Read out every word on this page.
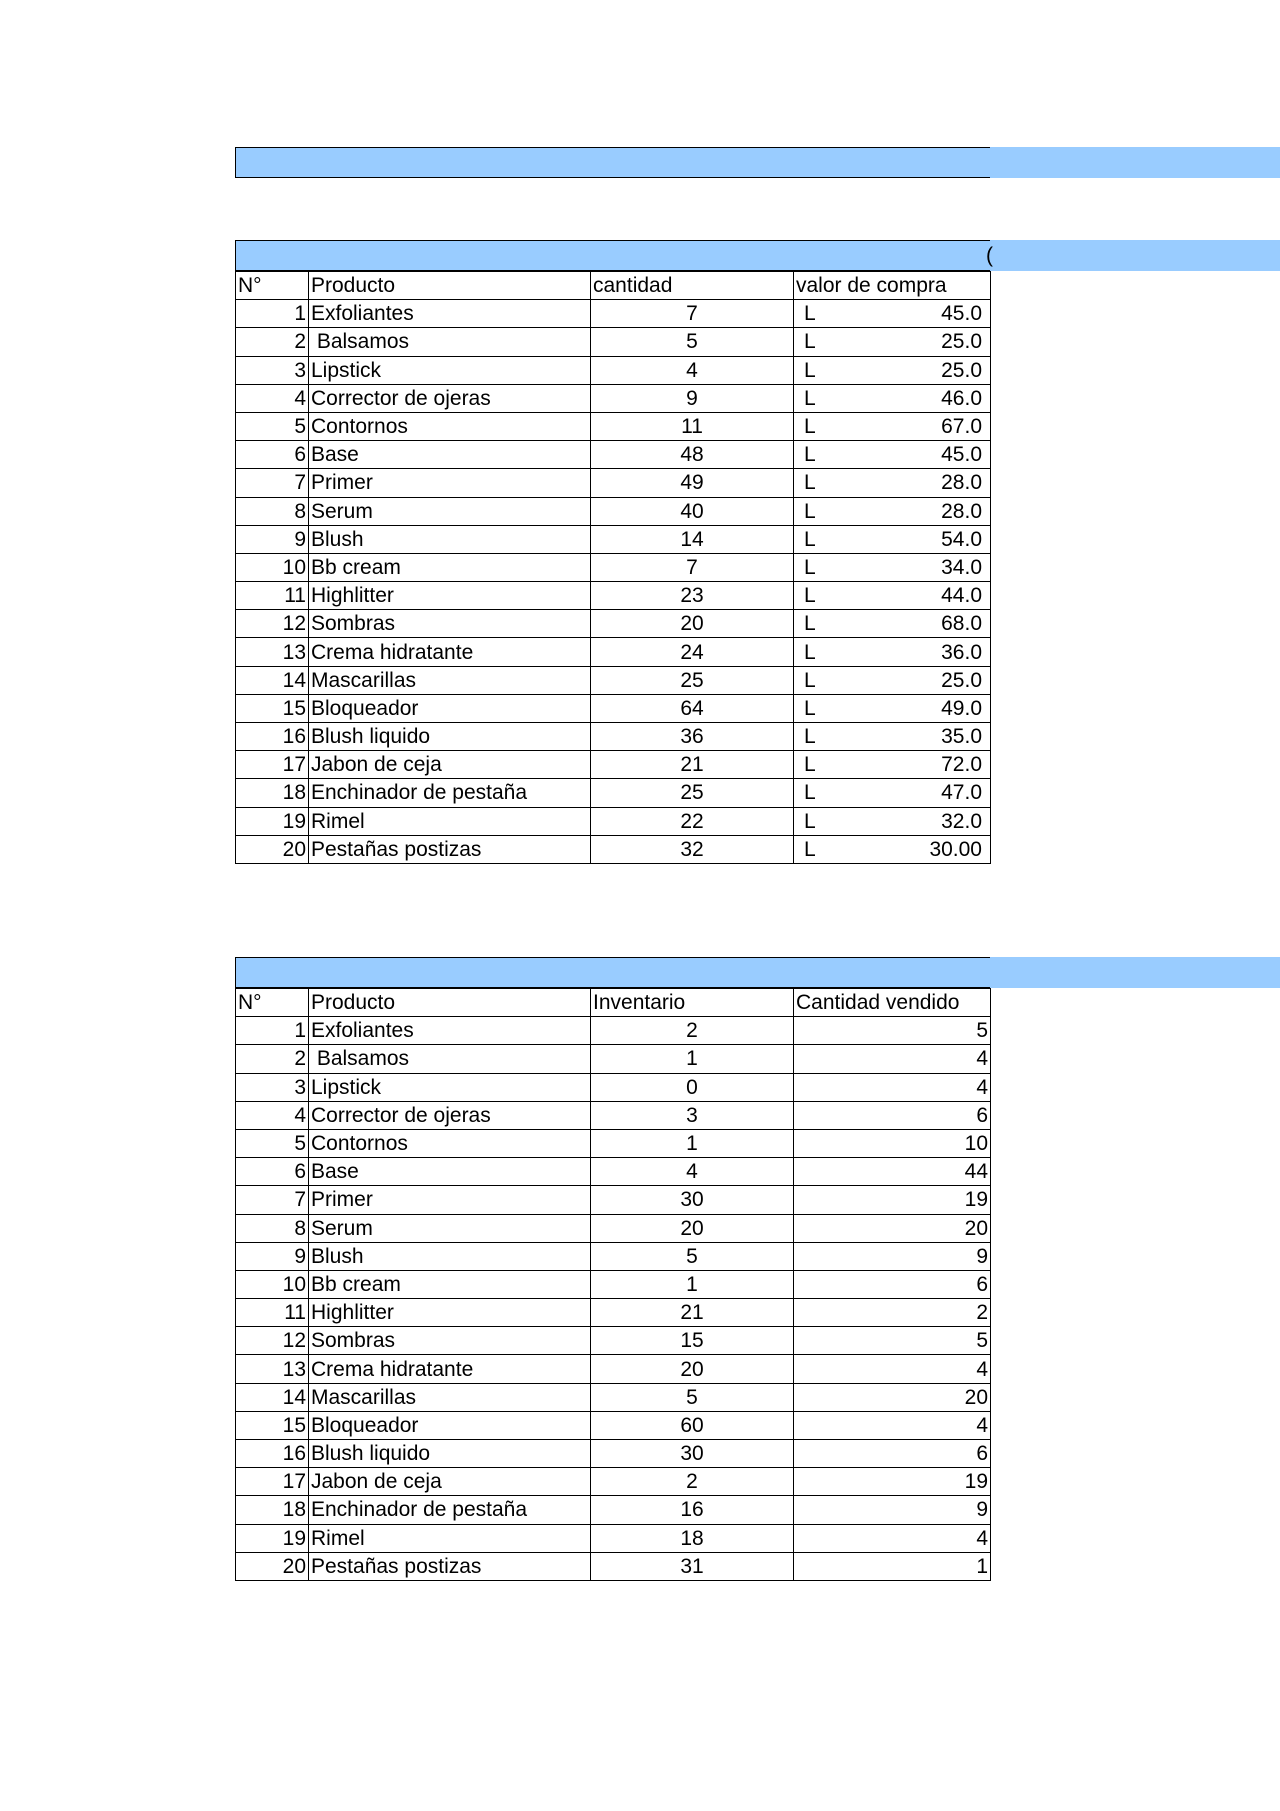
(
N°	Producto	cantidad	valor de compra
1	Exfoliantes	7	L 45.0

2	Balsamos	5	L 25.0

3	Lipstick	4	L 25.0

4	Corrector de ojeras	9	L 46.0

5	Contornos	11	L 67.0

6	Base	48	L 45.0

7	Primer	49	L 28.0

8	Serum	40	L 28.0

9	Blush	14	L 54.0

10	Bb cream	7	L 34.0

11	Highlitter	23	L 44.0

12	Sombras	20	L 68.0

13	Crema hidratante	24	L 36.0

14	Mascarillas	25	L 25.0

15	Bloqueador	64	L 49.0

16	Blush liquido	36	L 35.0

17	Jabon de ceja	21	L 72.0

18	Enchinador de pestaña	25	L 47.0

19	Rimel	22	L 32.0

20	Pestañas postizas	32	L 30.00
N°	Producto	Inventario	Cantidad vendido
1	Exfoliantes	2	5
2	Balsamos	1	4
3	Lipstick	0	4
4	Corrector de ojeras	3	6
5	Contornos	1	10
6	Base	4	44
7	Primer	30	19
8	Serum	20	20
9	Blush	5	9
10	Bb cream	1	6
11	Highlitter	21	2
12	Sombras	15	5
13	Crema hidratante	20	4
14	Mascarillas	5	20
15	Bloqueador	60	4
16	Blush liquido	30	6
17	Jabon de ceja	2	19
18	Enchinador de pestaña	16	9
19	Rimel	18	4
20	Pestañas postizas	31	1
